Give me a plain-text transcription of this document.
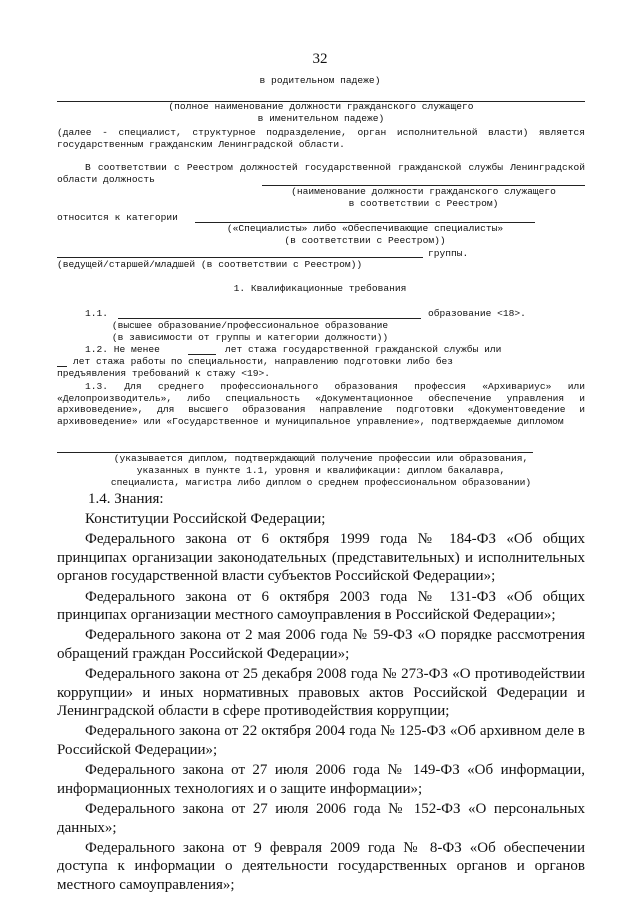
32
в родительном падеже)
(полное наименование должности гражданского служащего
в именительном падеже)
(далее - специалист, структурное подразделение, орган исполнительной власти) является государственным гражданским Ленинградской области.
В соответствии с Реестром должностей государственной гражданской службы Ленинградской области должность
(наименование должности гражданского служащего
в соответствии с Реестром)
относится к категории
(«Специалисты» либо «Обеспечивающие специалисты»
(в соответствии с Реестром))
группы.
(ведущей/старшей/младшей (в соответствии с Реестром))
1. Квалификационные требования
1.1.	образование <18>.
(высшее образование/профессиональное образование
(в зависимости от группы и категории должности))
1.2. Не менее	лет стажа государственной гражданской службы или
лет стажа работы по специальности, направлению подготовки либо без
предъявления требований к стажу <19>.
1.3. Для среднего профессионального образования профессия «Архивариус» или «Делопроизводитель», либо специальность «Документационное обеспечение управления и архивоведение», для высшего образования направление подготовки «Документоведение и архивоведение» или «Государственное и муниципальное управление», подтверждаемые дипломом
(указывается диплом, подтверждающий получение профессии или образования,
указанных в пункте 1.1, уровня и квалификации: диплом бакалавра,
специалиста, магистра либо диплом о среднем профессиональном образовании)
1.4. Знания:
Конституции Российской Федерации;
Федерального закона от 6 октября 1999 года № 184-ФЗ «Об общих принципах организации законодательных (представительных) и исполнительных органов государственной власти субъектов Российской Федерации»;
Федерального закона от 6 октября 2003 года № 131-ФЗ «Об общих принципах организации местного самоуправления в Российской Федерации»;
Федерального закона от 2 мая 2006 года № 59-ФЗ «О порядке рассмотрения обращений граждан Российской Федерации»;
Федерального закона от 25 декабря 2008 года № 273-ФЗ «О противодействии коррупции» и иных нормативных правовых актов Российской Федерации и Ленинградской области в сфере противодействия коррупции;
Федерального закона от 22 октября 2004 года № 125-ФЗ «Об архивном деле в Российской Федерации»;
Федерального закона от 27 июля 2006 года № 149-ФЗ «Об информации, информационных технологиях и о защите информации»;
Федерального закона от 27 июля 2006 года № 152-ФЗ «О персональных данных»;
Федерального закона от 9 февраля 2009 года № 8-ФЗ «Об обеспечении доступа к информации о деятельности государственных органов и органов местного самоуправления»;
